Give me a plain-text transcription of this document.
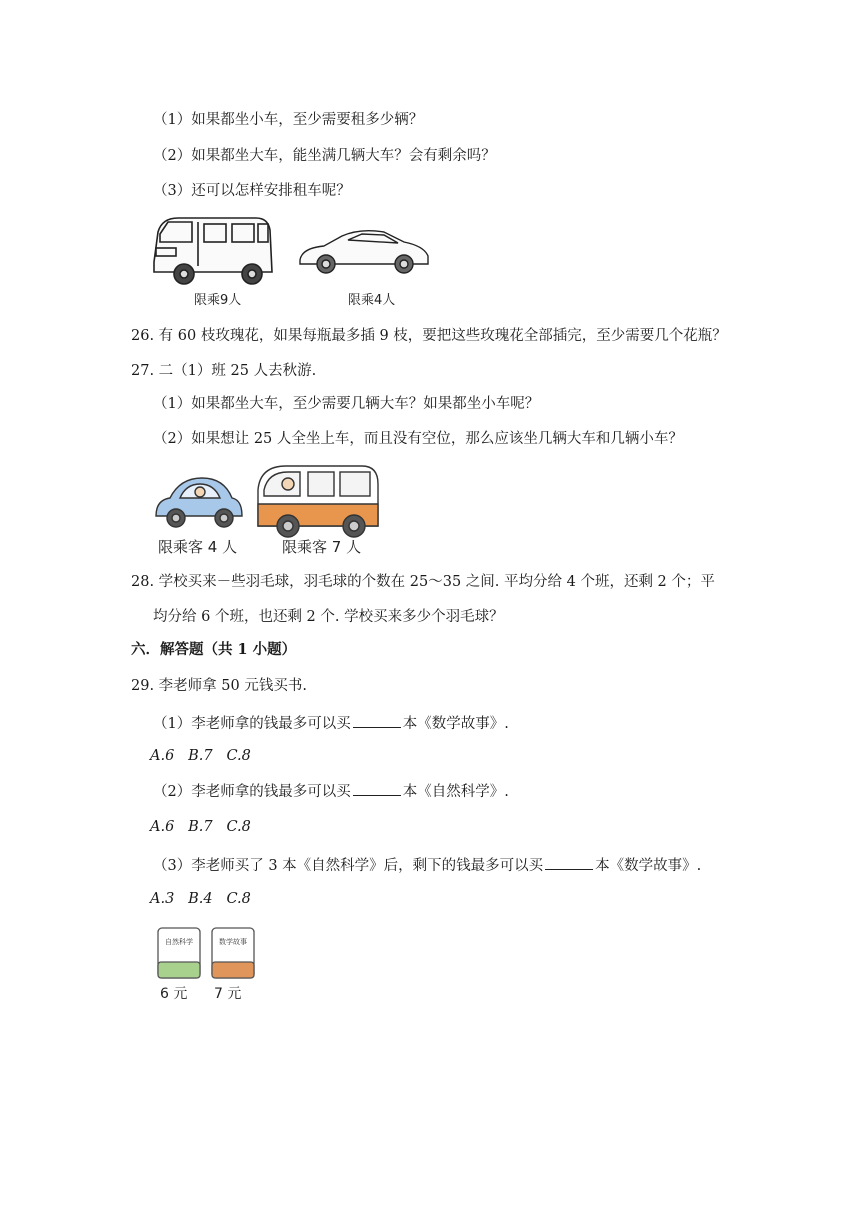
（1）如果都坐小车，至少需要租多少辆？
（2）如果都坐大车，能坐满几辆大车？会有剩余吗？
（3）还可以怎样安排租车呢？
限乘9人	限乘4人
26. 有 60 枝玫瑰花，如果每瓶最多插 9 枝，要把这些玫瑰花全部插完，至少需要几个花瓶？
27. 二（1）班 25 人去秋游.
（1）如果都坐大车，至少需要几辆大车？如果都坐小车呢？
（2）如果想让 25 人全坐上车，而且没有空位，那么应该坐几辆大车和几辆小车？
限乘客 4 人	限乘客 7 人
28. 学校买来－些羽毛球，羽毛球的个数在 25～35 之间. 平均分给 4 个班，还剩 2 个；平
均分给 6 个班，也还剩 2 个. 学校买来多少个羽毛球？
六．解答题（共 1 小题）
29. 李老师拿 50 元钱买书.
（1）李老师拿的钱最多可以买	本《数学故事》.
A.6 B.7 C.8
（2）李老师拿的钱最多可以买	本《自然科学》.
A.6 B.7 C.8
（3）李老师买了 3 本《自然科学》后，剩下的钱最多可以买	本《数学故事》.
A.3 B.4 C.8
自然科学	数学故事
6 元 7 元
